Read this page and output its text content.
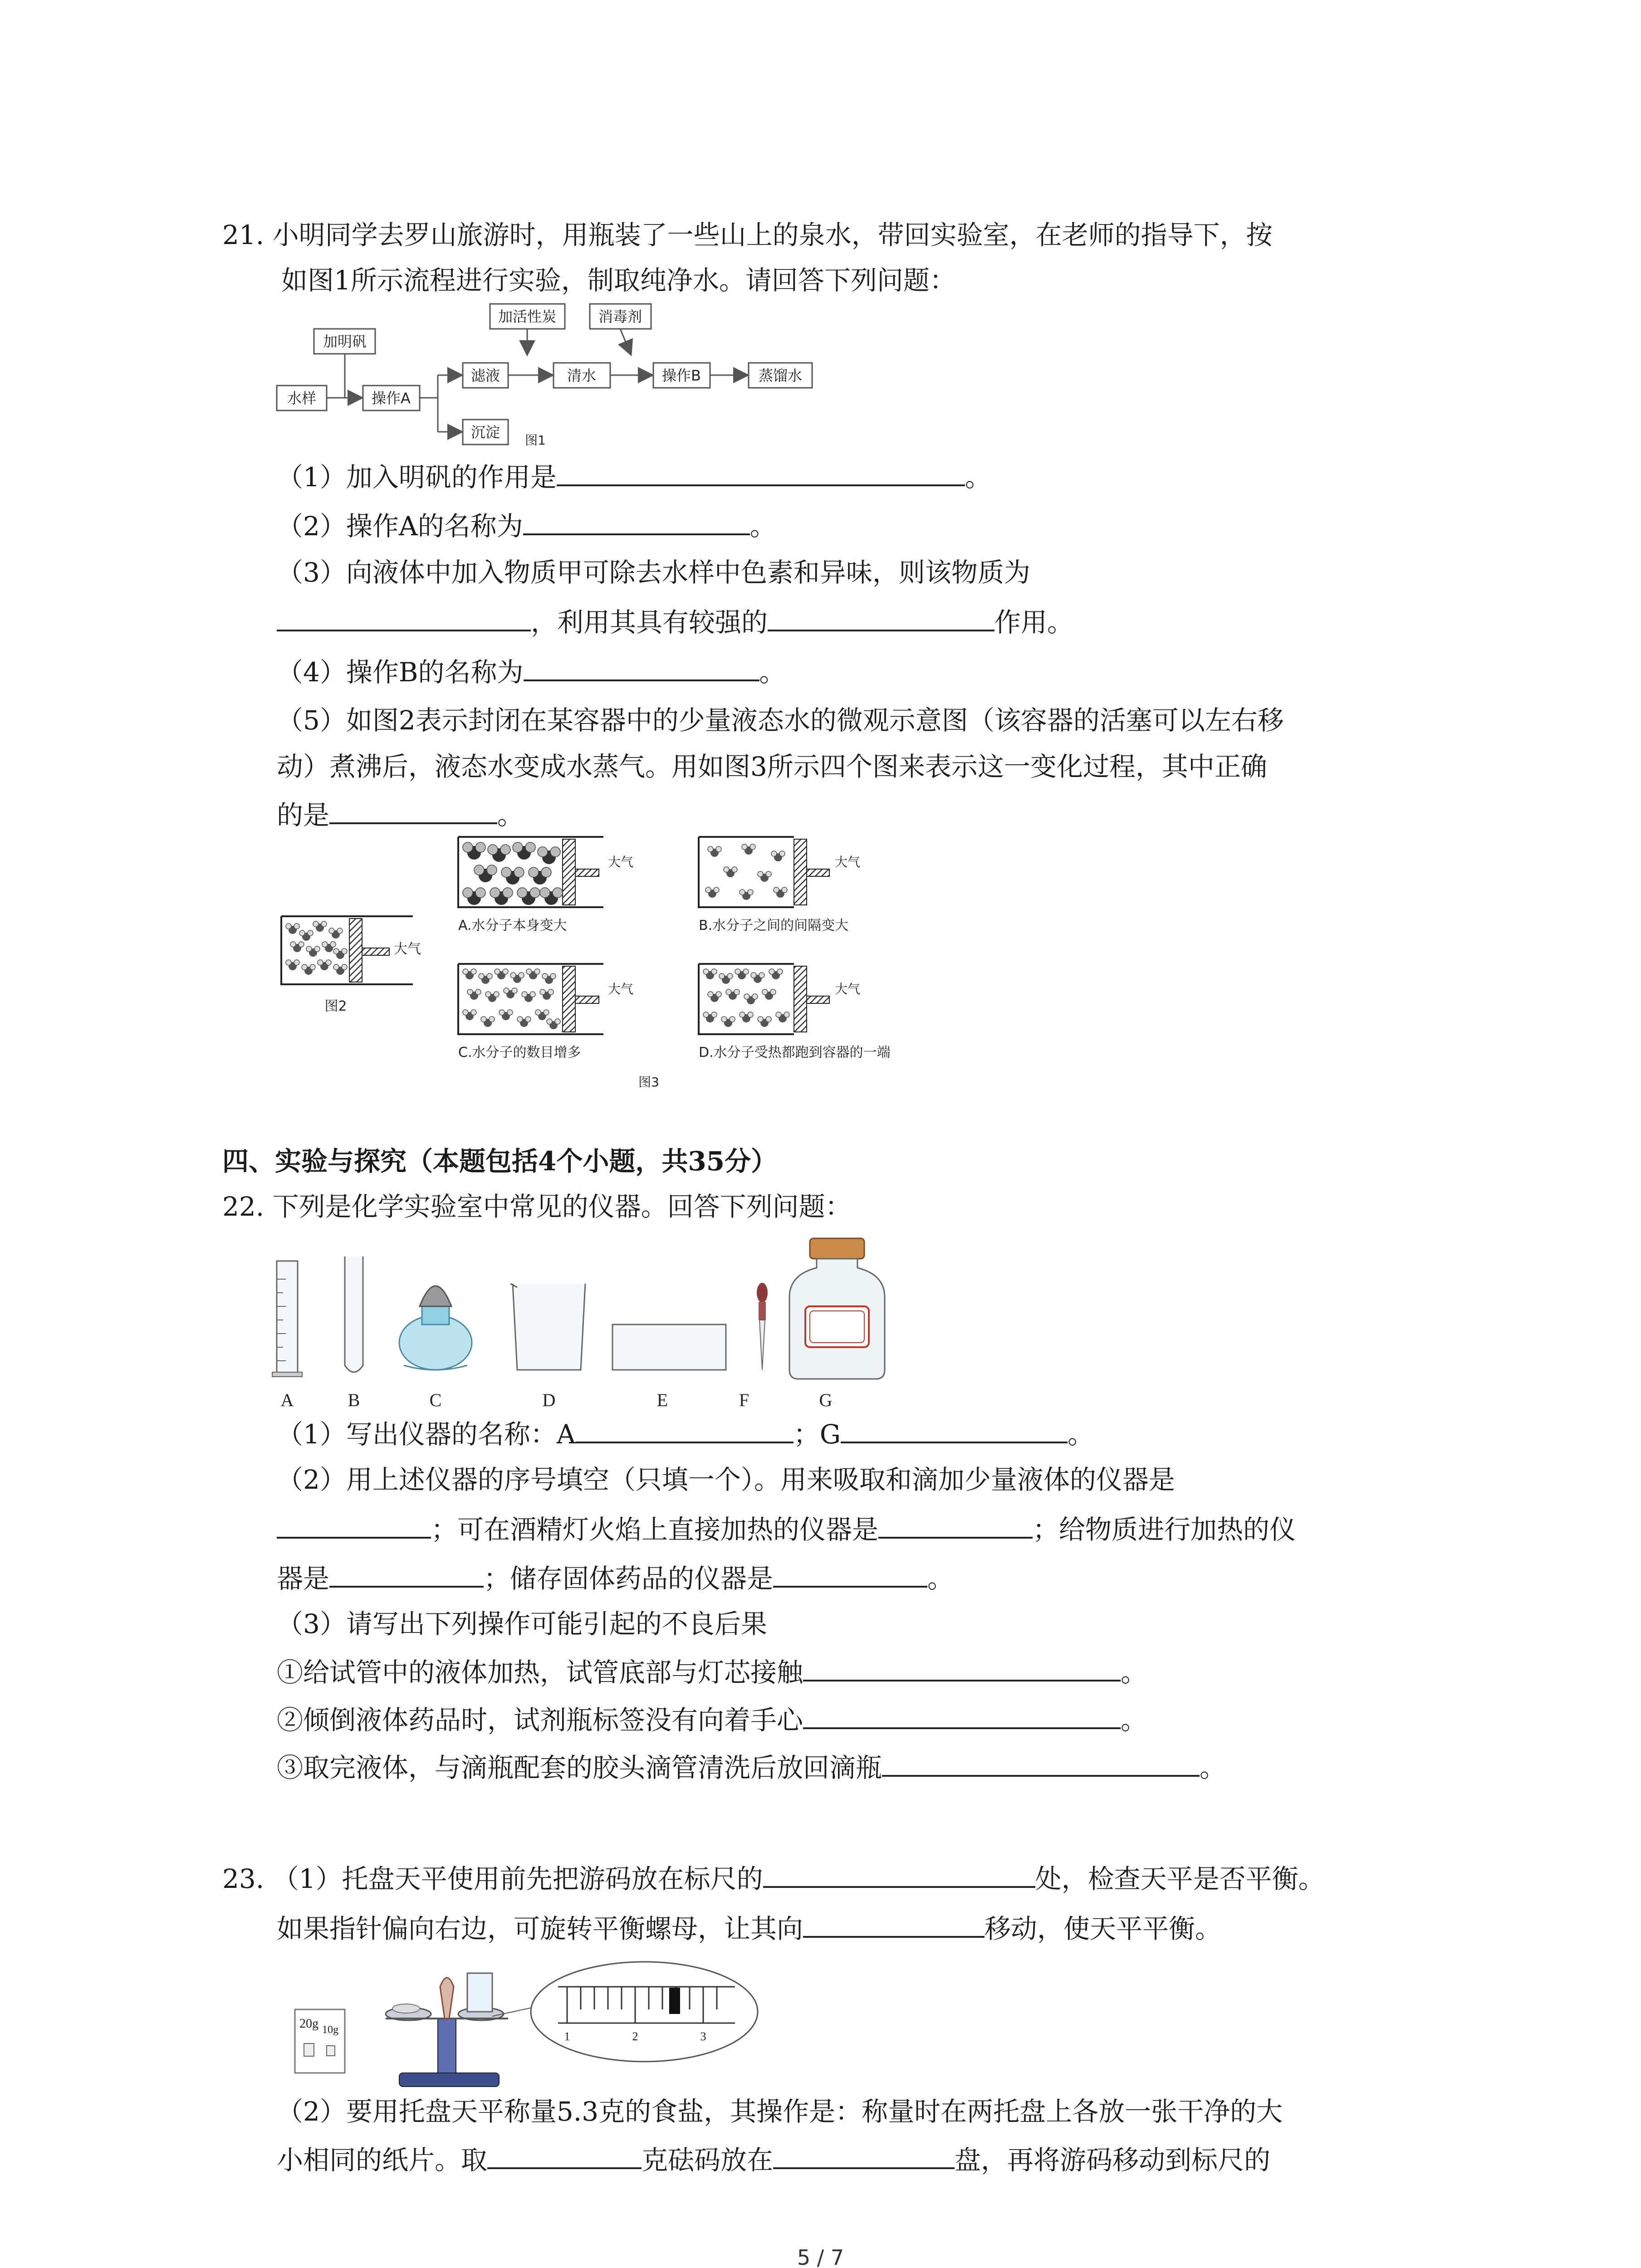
21. 小明同学去罗山旅游时，用瓶装了一些山上的泉水，带回实验室，在老师的指导下，按
如图1所示流程进行实验，制取纯净水。请回答下列问题：
加明矾
水样	操作A
滤液
沉淀
加活性炭	消毒剂
清水	操作B	蒸馏水
图1
（1）加入明矾的作用是	。
（2）操作A的名称为	。
（3）向液体中加入物质甲可除去水样中色素和异味，则该物质为
，利用其具有较强的	作用。
（4）操作B的名称为	。
（5）如图2表示封闭在某容器中的少量液态水的微观示意图（该容器的活塞可以左右移
动）煮沸后，液态水变成水蒸气。用如图3所示四个图来表示这一变化过程，其中正确
的是	。
大气
图2
大气
A.水分子本身变大
大气
B.水分子之间的间隔变大
大气
C.水分子的数目增多
大气
D.水分子受热都跑到容器的一端
图3
四、实验与探究（本题包括4个小题，共35分）
22. 下列是化学实验室中常见的仪器。回答下列问题：
A	B	C	D	E	F	G
（1）写出仪器的名称：A	；G	。
（2）用上述仪器的序号填空（只填一个）。用来吸取和滴加少量液体的仪器是
；可在酒精灯火焰上直接加热的仪器是	；给物质进行加热的仪
器是	；储存固体药品的仪器是	。
（3）请写出下列操作可能引起的不良后果
①给试管中的液体加热，试管底部与灯芯接触	。
②倾倒液体药品时，试剂瓶标签没有向着手心	。
③取完液体，与滴瓶配套的胶头滴管清洗后放回滴瓶	。
23. （1）托盘天平使用前先把游码放在标尺的	处，检查天平是否平衡。
如果指针偏向右边，可旋转平衡螺母，让其向	移动，使天平平衡。
20g 10g	1	2	3
（2）要用托盘天平称量5.3克的食盐，其操作是：称量时在两托盘上各放一张干净的大
小相同的纸片。取	克砝码放在	盘，再将游码移动到标尺的
5 / 7
